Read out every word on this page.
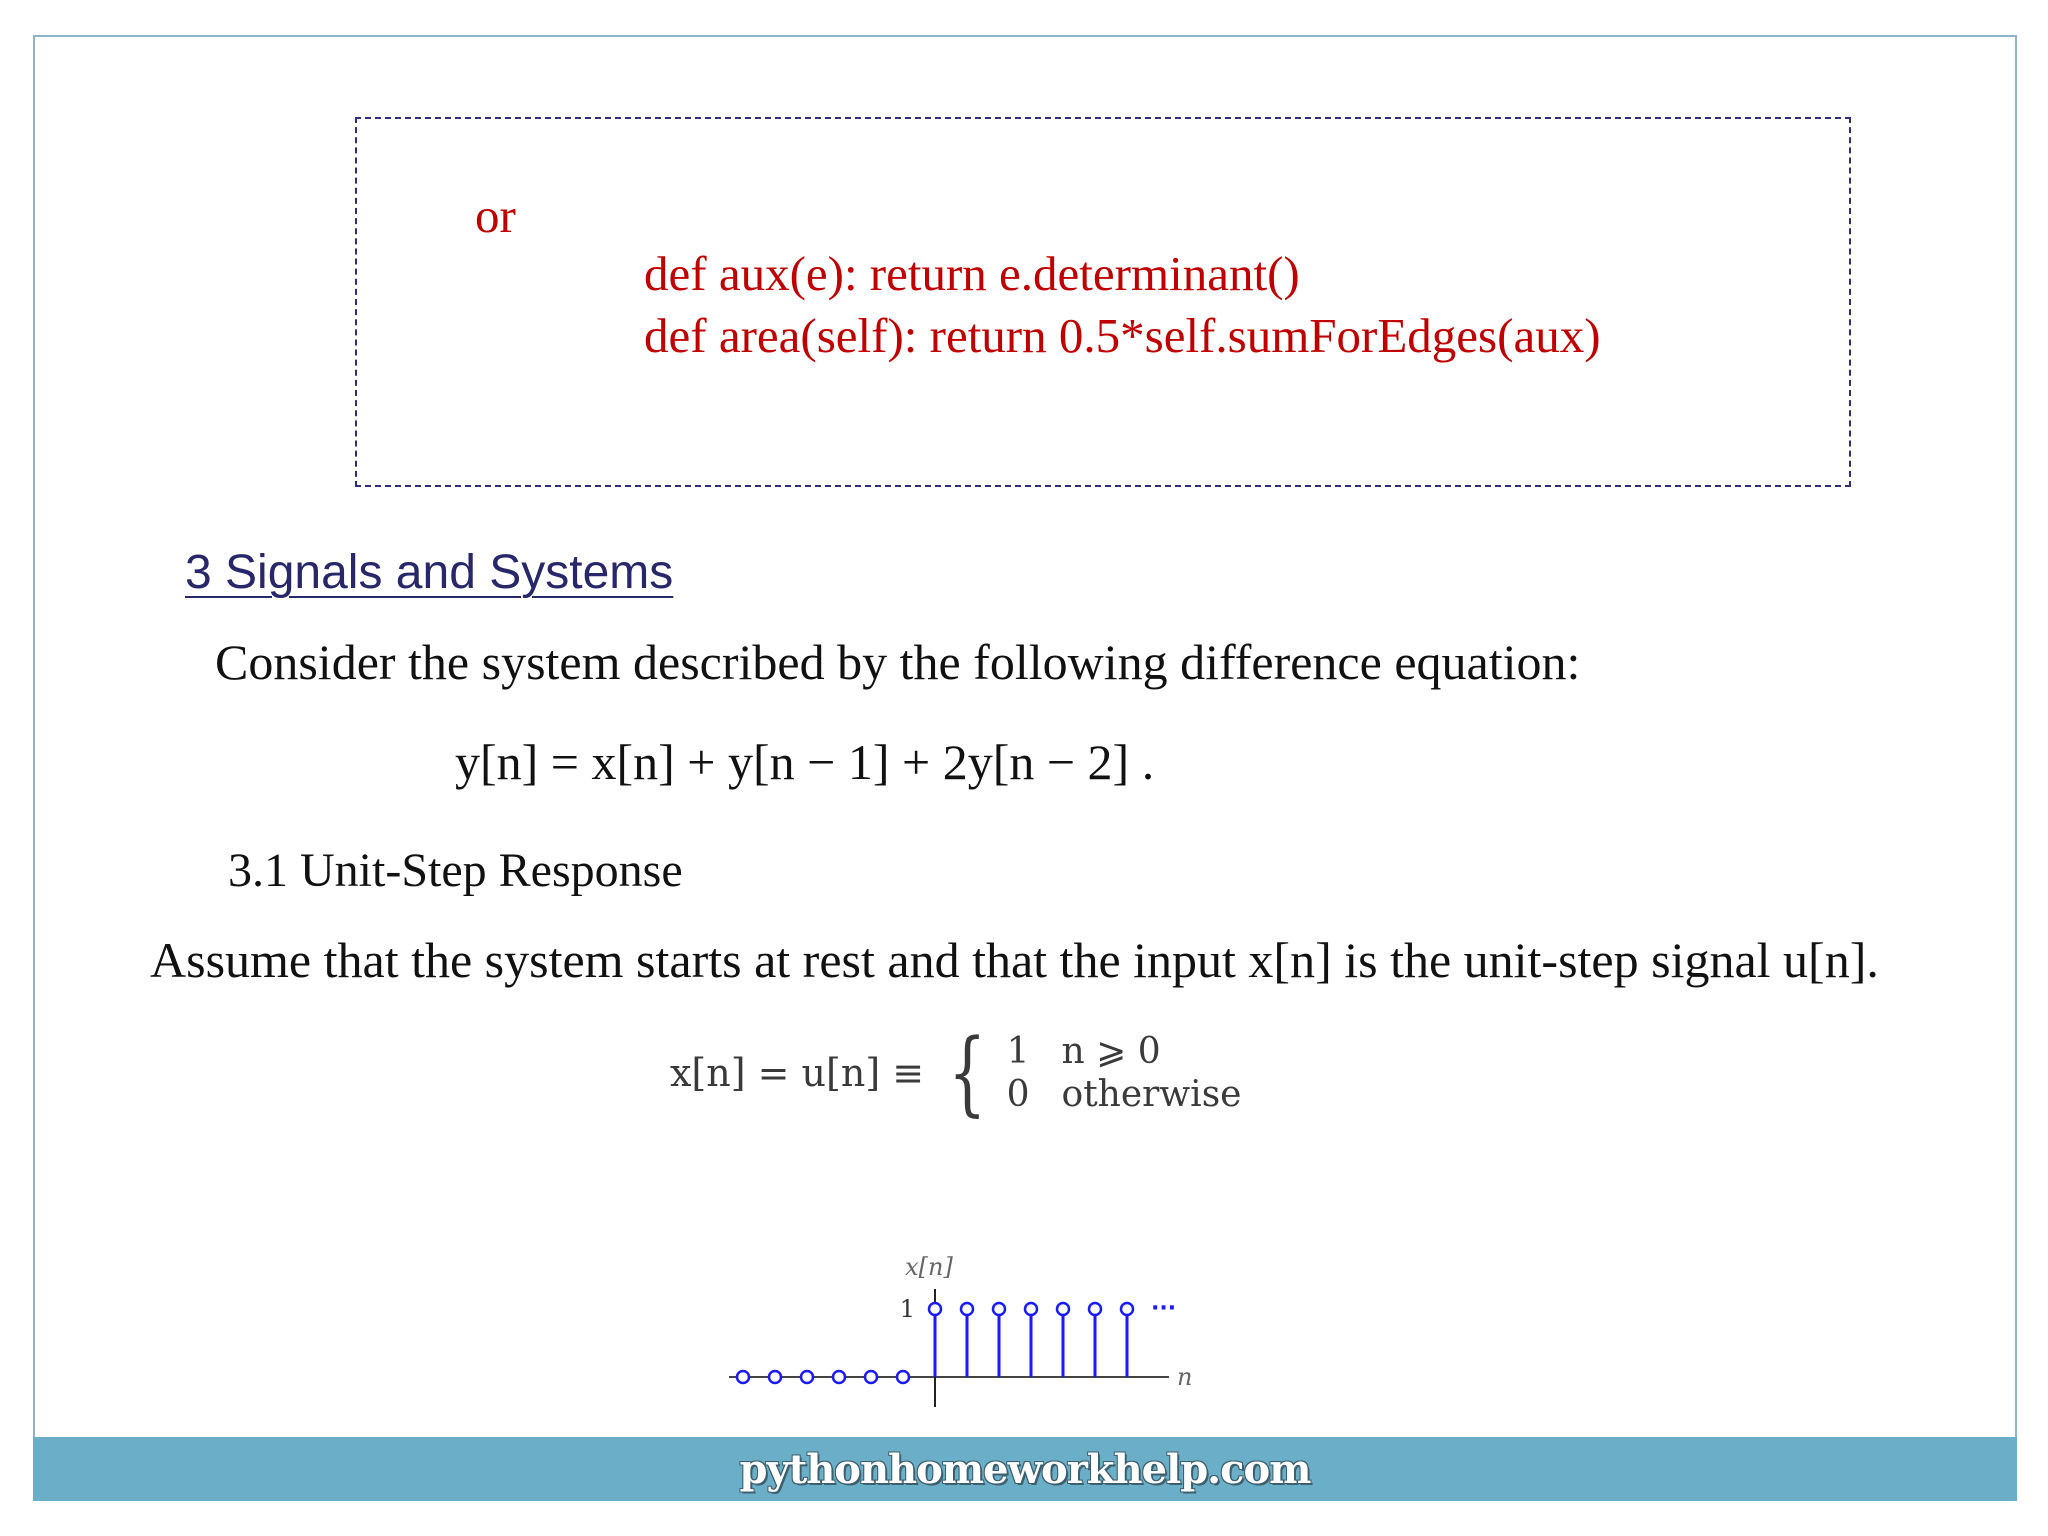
or
def aux(e): return e.determinant()
def area(self): return 0.5*self.sumForEdges(aux)
3 Signals and Systems
Consider the system described by the following difference equation:
y[n] = x[n] + y[n − 1] + 2y[n − 2] .
3.1 Unit-Step Response
Assume that the system starts at rest and that the input x[n] is the unit-step signal u[n].
x[n] = u[n] ≡ { 1 n ⩾ 0
0 otherwise
x[n]
1
n
···
pythonhomeworkhelp.com
